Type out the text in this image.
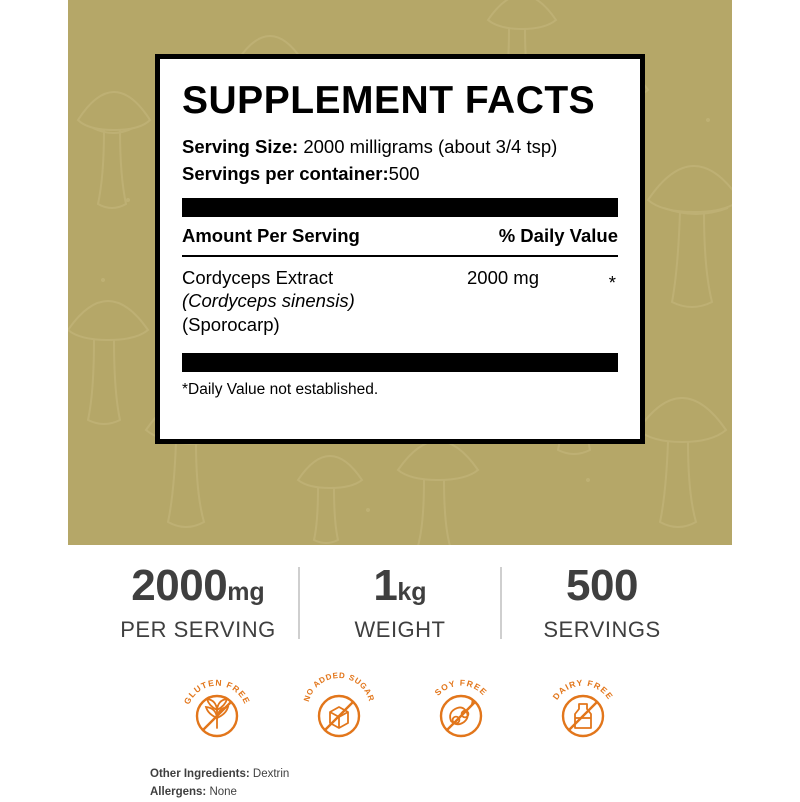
SUPPLEMENT FACTS
Serving Size: 2000 milligrams (about 3/4 tsp)
Servings per container:500
Amount Per Serving	% Daily Value
Cordyceps Extract
(Cordyceps sinensis)
(Sporocarp)
2000 mg	*
*Daily Value not established.
2000mg
PER SERVING
1kg
WEIGHT
500
SERVINGS
GLUTEN FREE	NO ADDED SUGAR
SOY FREE	DAIRY FREE
Other Ingredients: Dextrin
Allergens: None
